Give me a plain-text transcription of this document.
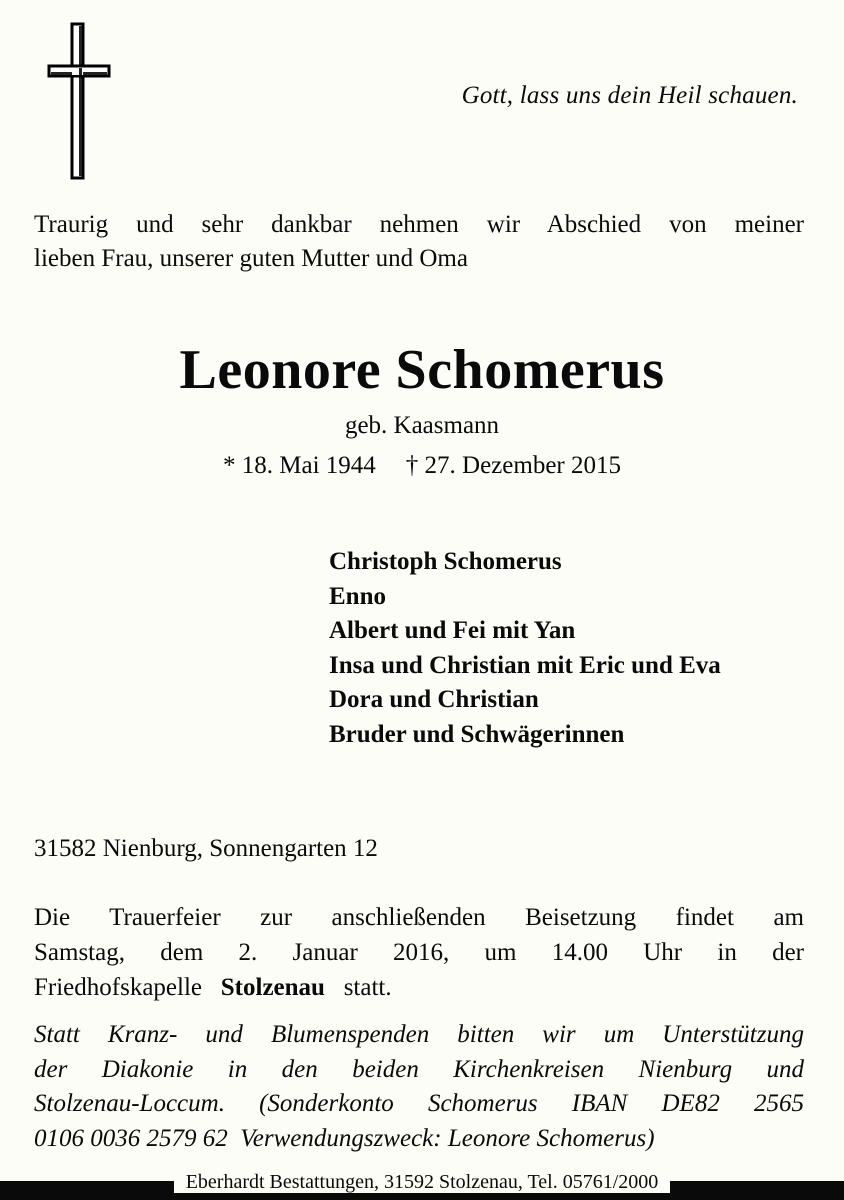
Gott, lass uns dein Heil schauen.
Traurig und sehr dankbar nehmen wir Abschied von meiner
lieben Frau, unserer guten Mutter und Oma
Leonore Schomerus
geb. Kaasmann
* 18. Mai 1944 † 27. Dezember 2015
Christoph Schomerus
Enno
Albert und Fei mit Yan
Insa und Christian mit Eric und Eva
Dora und Christian
Bruder und Schwägerinnen
31582 Nienburg, Sonnengarten 12
Die Trauerfeier zur anschließenden Beisetzung findet am
Samstag, dem 2. Januar 2016, um 14.00 Uhr in der
Friedhofskapelle Stolzenau statt.
Statt Kranz- und Blumenspenden bitten wir um Unterstützung
der Diakonie in den beiden Kirchenkreisen Nienburg und
Stolzenau-Loccum. (Sonderkonto Schomerus IBAN DE82 2565
0106 0036 2579 62  Verwendungszweck: Leonore Schomerus)
Eberhardt Bestattungen, 31592 Stolzenau, Tel. 05761/2000
